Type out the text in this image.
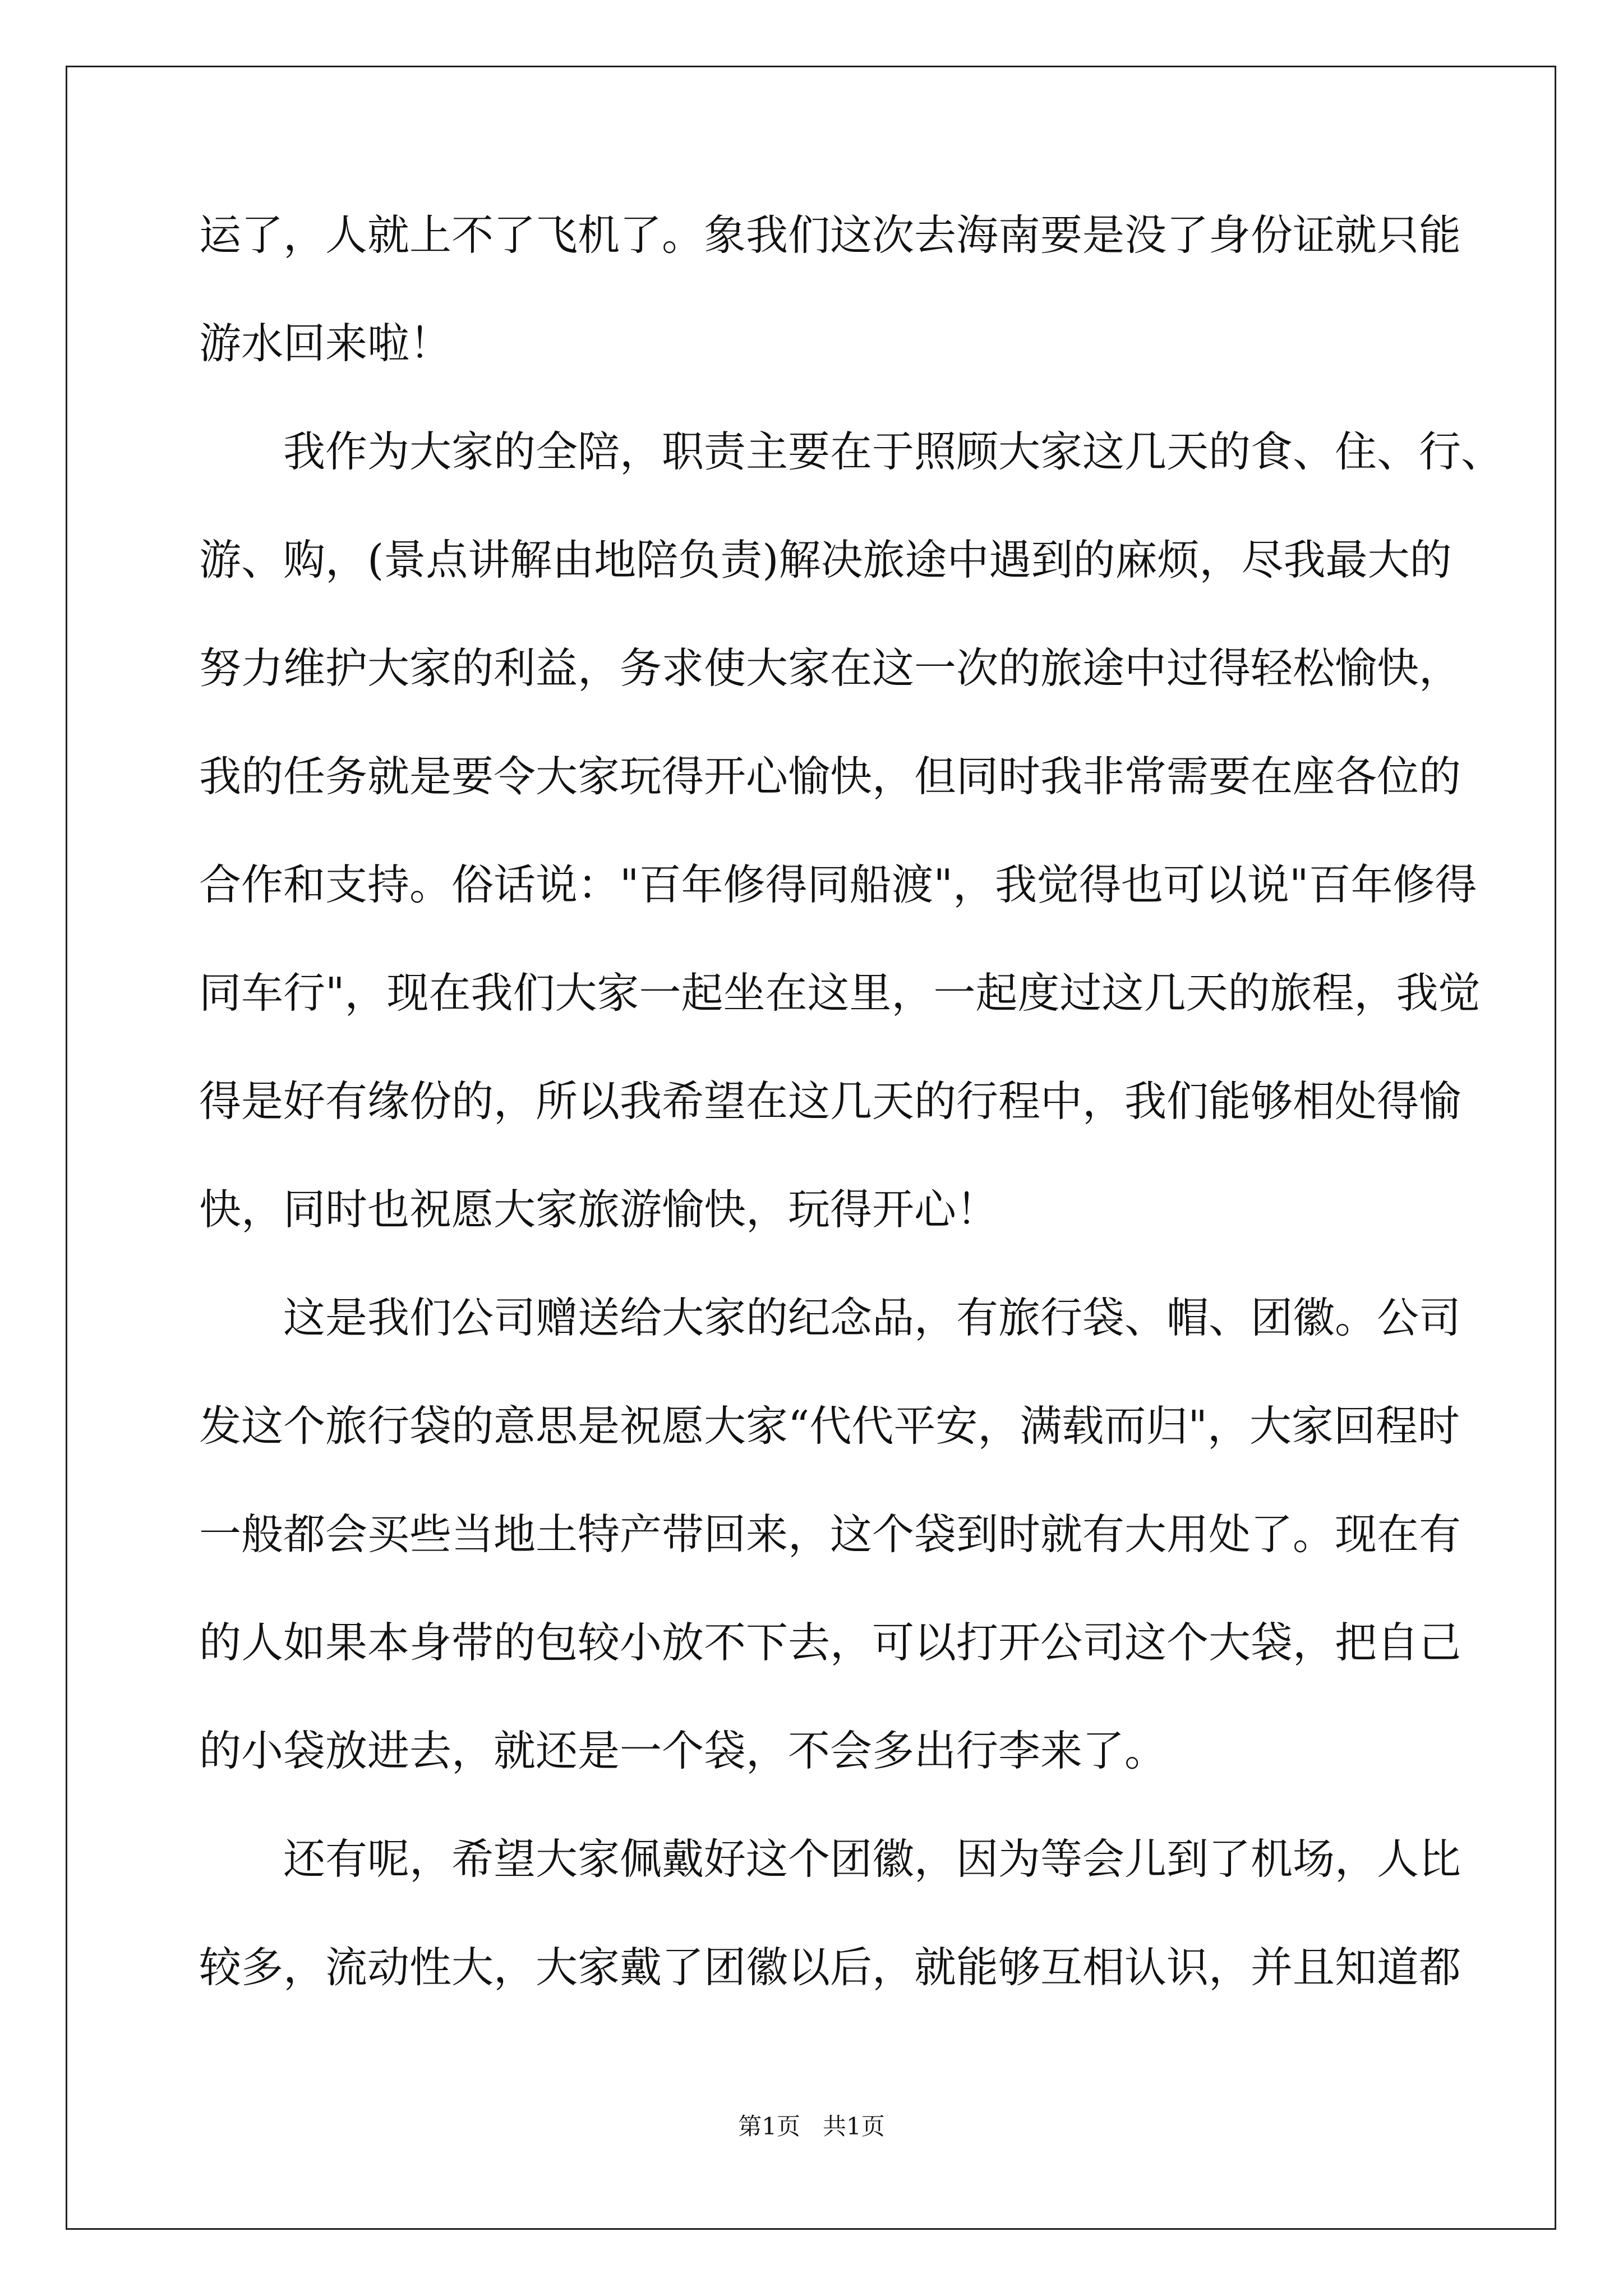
运了，人就上不了飞机了。象我们这次去海南要是没了身份证就只能
游水回来啦！
我作为大家的全陪，职责主要在于照顾大家这几天的食、住、行、
游、购，(景点讲解由地陪负责)解决旅途中遇到的麻烦，尽我最大的
努力维护大家的利益，务求使大家在这一次的旅途中过得轻松愉快，
我的任务就是要令大家玩得开心愉快，但同时我非常需要在座各位的
合作和支持。俗话说："百年修得同船渡"，我觉得也可以说"百年修得
同车行"，现在我们大家一起坐在这里，一起度过这几天的旅程，我觉
得是好有缘份的，所以我希望在这几天的行程中，我们能够相处得愉
快，同时也祝愿大家旅游愉快，玩得开心！
这是我们公司赠送给大家的纪念品，有旅行袋、帽、团徽。公司
发这个旅行袋的意思是祝愿大家“代代平安，满载而归"，大家回程时
一般都会买些当地土特产带回来，这个袋到时就有大用处了。现在有
的人如果本身带的包较小放不下去，可以打开公司这个大袋，把自己
的小袋放进去，就还是一个袋，不会多出行李来了。
还有呢，希望大家佩戴好这个团徽，因为等会儿到了机场，人比
较多，流动性大，大家戴了团徽以后，就能够互相认识，并且知道都
第1页 共1页
